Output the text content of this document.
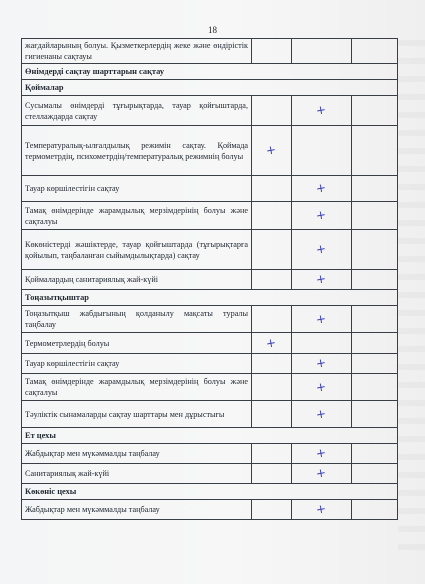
18
жағдайларының болуы. Қызметкерлердің жеке және өндірістік гигиенаны сақтауы			
Өнімдерді сақтау шарттарын сақтау			
Қоймалар			
Сусымалы өнімдерді тұғырықтарда, тауар қойғыштарда, стеллаждарда сақтау		+	
Температуралық-ылғалдылық режимін сақтау. Қоймада термометрдің, психометрдің/температуралық режимнің болуы	+		
Тауар көршілестігін сақтау		+	
Тамақ өнімдерінде жарамдылық мерзімдерінің болуы және сақталуы		+	
Көкөністерді жәшіктерде, тауар қойғыштарда (тұғырықтарға қойылып, таңбаланған сыйымдылықтарда) сақтау		+	
Қоймалардың санитариялық жай-күйі		+	
Тоңазытқыштар			
Тоңазытқыш жабдығының қолданылу мақсаты туралы таңбалау		+	
Термометрлердің болуы	+		
Тауар көршілестігін сақтау		+	
Тамақ өнімдерінде жарамдылық мерзімдерінің болуы және сақталуы		+	
Тәуліктік сынамаларды сақтау шарттары мен дұрыстығы		+	
Ет цехы			
Жабдықтар мен мүкәммалды таңбалау		+	
Санитариялық жай-күйі		+	
Көкөніс цехы			
Жабдықтар мен мүкәммалды таңбалау		+	
